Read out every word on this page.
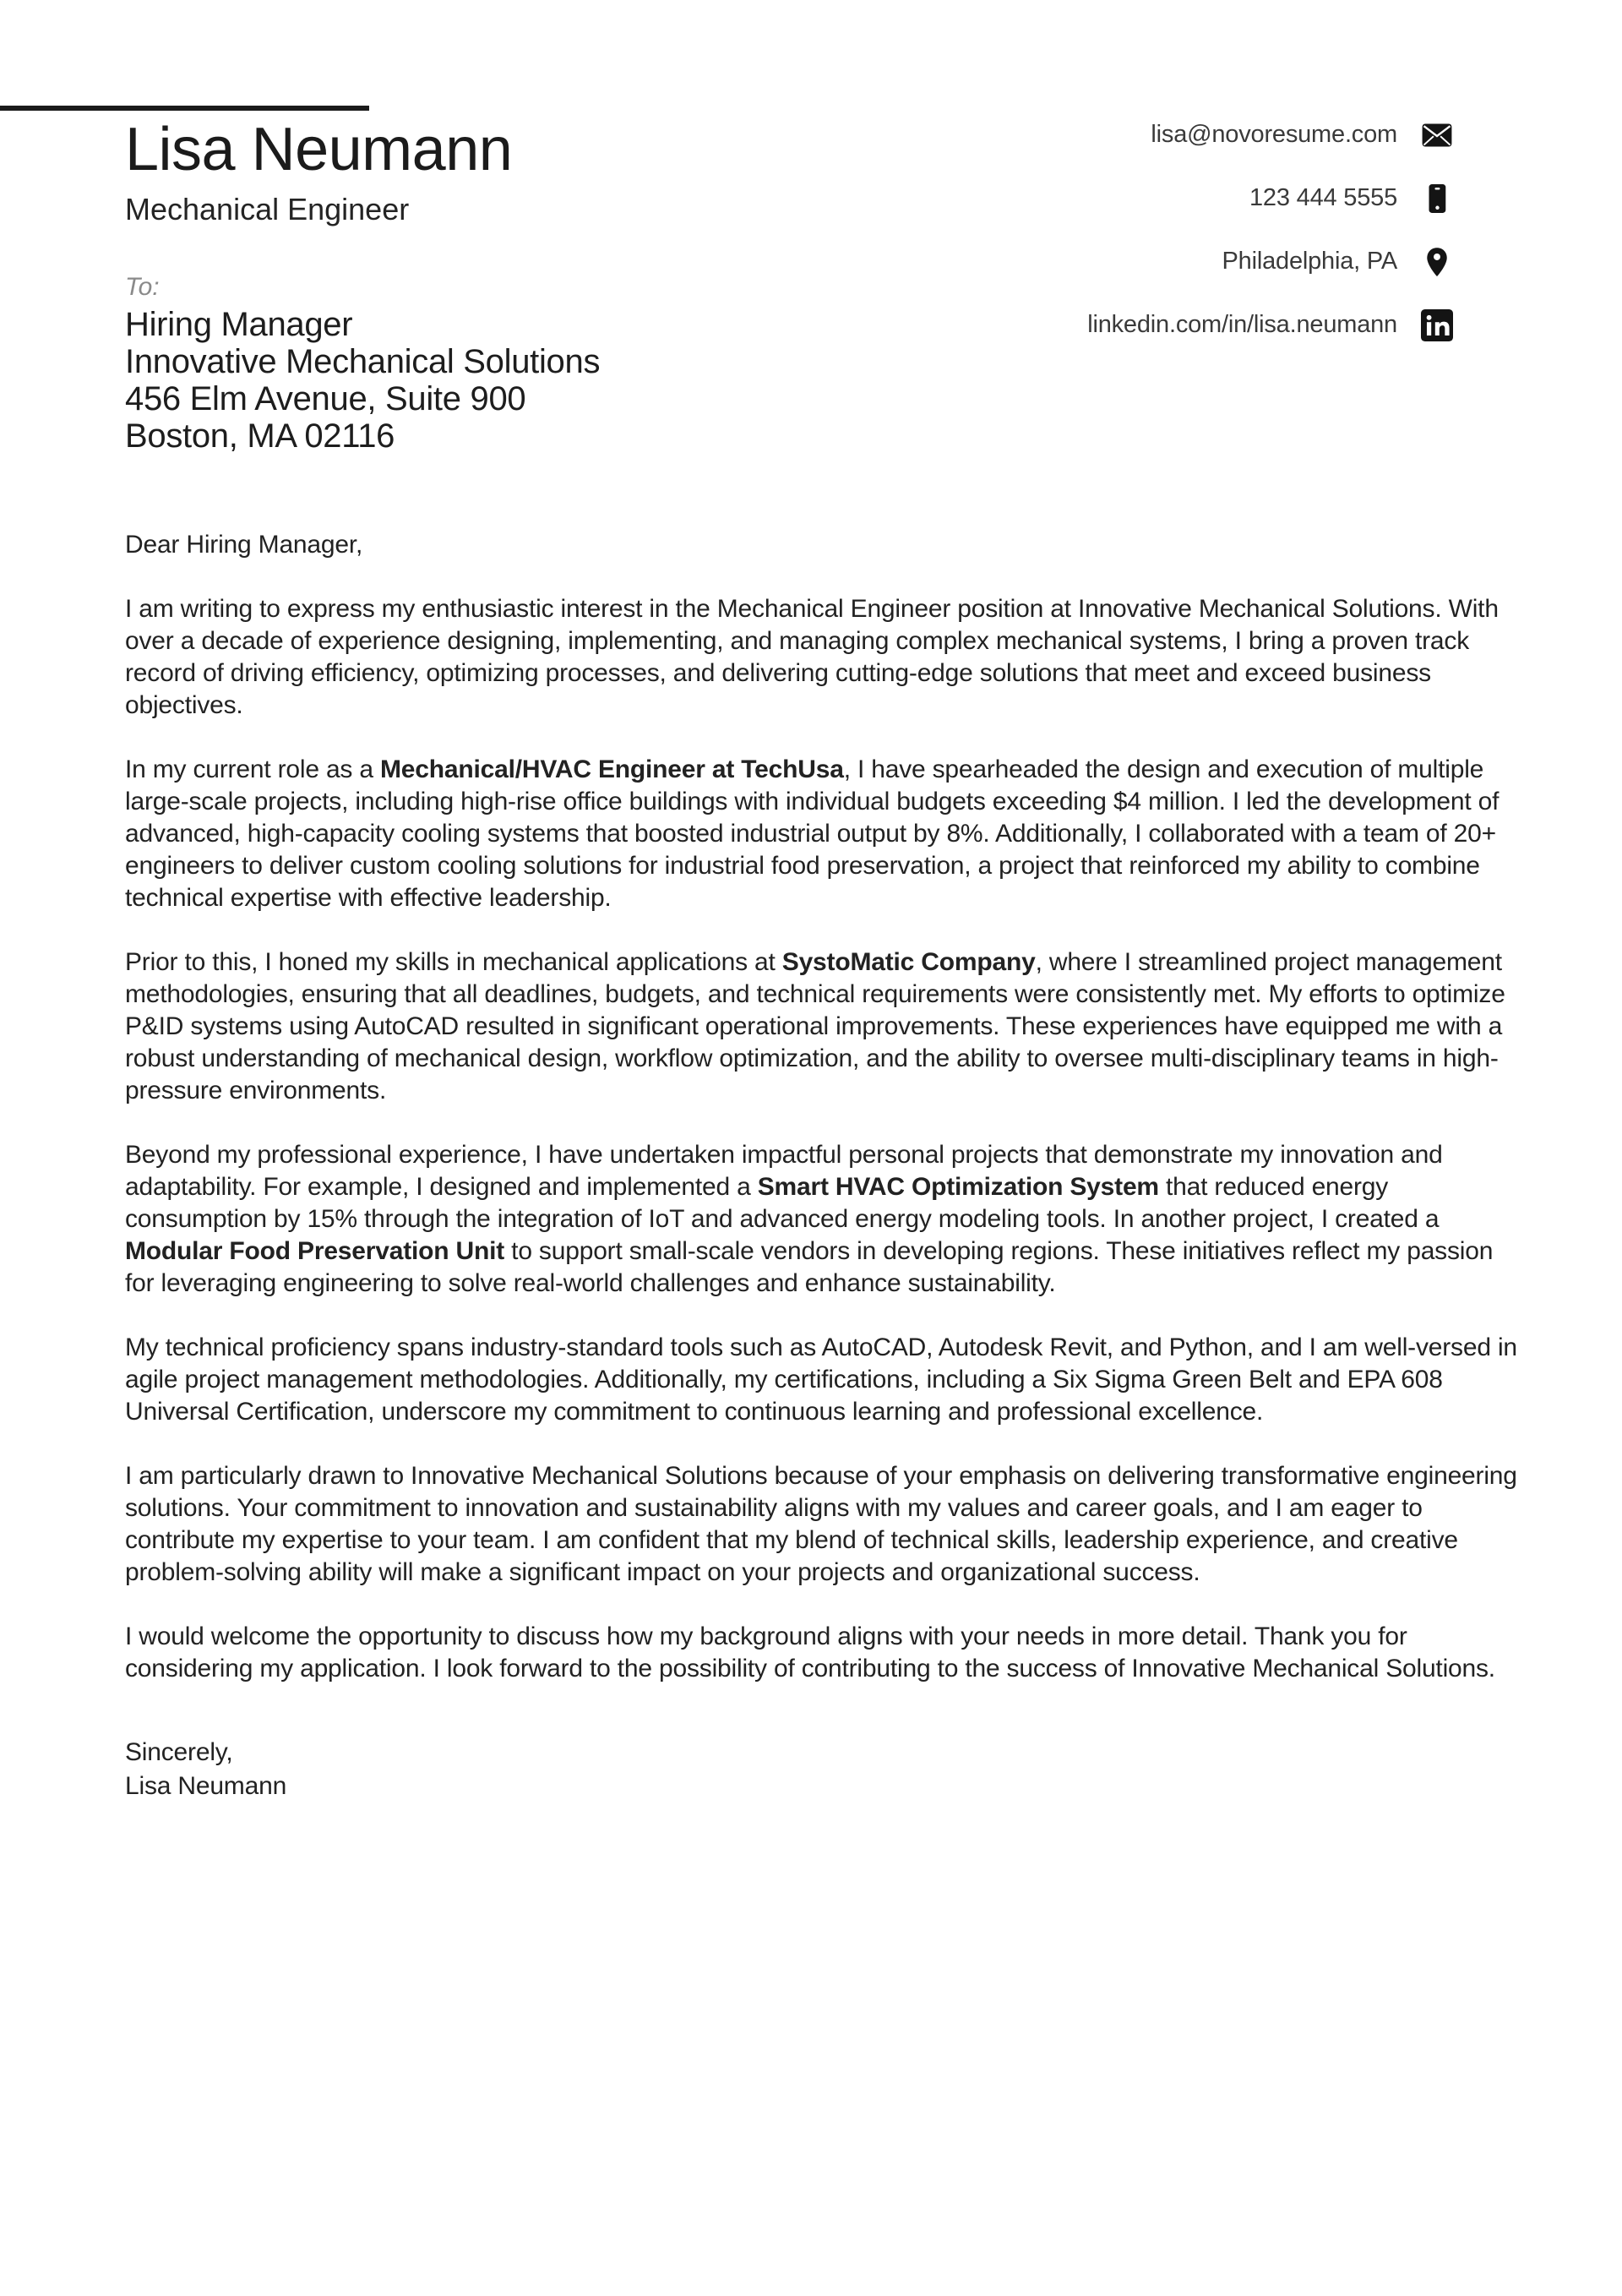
Lisa Neumann
Mechanical Engineer
To:
Hiring Manager
Innovative Mechanical Solutions
456 Elm Avenue, Suite 900
Boston, MA 02116
lisa@novoresume.com
123 444 5555
Philadelphia, PA
linkedin.com/in/lisa.neumann
Dear Hiring Manager,

I am writing to express my enthusiastic interest in the Mechanical Engineer position at Innovative Mechanical Solutions. With over a decade of experience designing, implementing, and managing complex mechanical systems, I bring a proven track record of driving efficiency, optimizing processes, and delivering cutting-edge solutions that meet and exceed business objectives.

In my current role as a Mechanical/HVAC Engineer at TechUsa, I have spearheaded the design and execution of multiple large-scale projects, including high-rise office buildings with individual budgets exceeding $4 million. I led the development of advanced, high-capacity cooling systems that boosted industrial output by 8%. Additionally, I collaborated with a team of 20+ engineers to deliver custom cooling solutions for industrial food preservation, a project that reinforced my ability to combine technical expertise with effective leadership.

Prior to this, I honed my skills in mechanical applications at SystoMatic Company, where I streamlined project management methodologies, ensuring that all deadlines, budgets, and technical requirements were consistently met. My efforts to optimize P&ID systems using AutoCAD resulted in significant operational improvements. These experiences have equipped me with a robust understanding of mechanical design, workflow optimization, and the ability to oversee multi-disciplinary teams in high-pressure environments.

Beyond my professional experience, I have undertaken impactful personal projects that demonstrate my innovation and adaptability. For example, I designed and implemented a Smart HVAC Optimization System that reduced energy consumption by 15% through the integration of IoT and advanced energy modeling tools. In another project, I created a Modular Food Preservation Unit to support small-scale vendors in developing regions. These initiatives reflect my passion for leveraging engineering to solve real-world challenges and enhance sustainability.

My technical proficiency spans industry-standard tools such as AutoCAD, Autodesk Revit, and Python, and I am well-versed in agile project management methodologies. Additionally, my certifications, including a Six Sigma Green Belt and EPA 608 Universal Certification, underscore my commitment to continuous learning and professional excellence.

I am particularly drawn to Innovative Mechanical Solutions because of your emphasis on delivering transformative engineering solutions. Your commitment to innovation and sustainability aligns with my values and career goals, and I am eager to contribute my expertise to your team. I am confident that my blend of technical skills, leadership experience, and creative problem-solving ability will make a significant impact on your projects and organizational success.

I would welcome the opportunity to discuss how my background aligns with your needs in more detail. Thank you for considering my application. I look forward to the possibility of contributing to the success of Innovative Mechanical Solutions.

Sincerely,
Lisa Neumann
